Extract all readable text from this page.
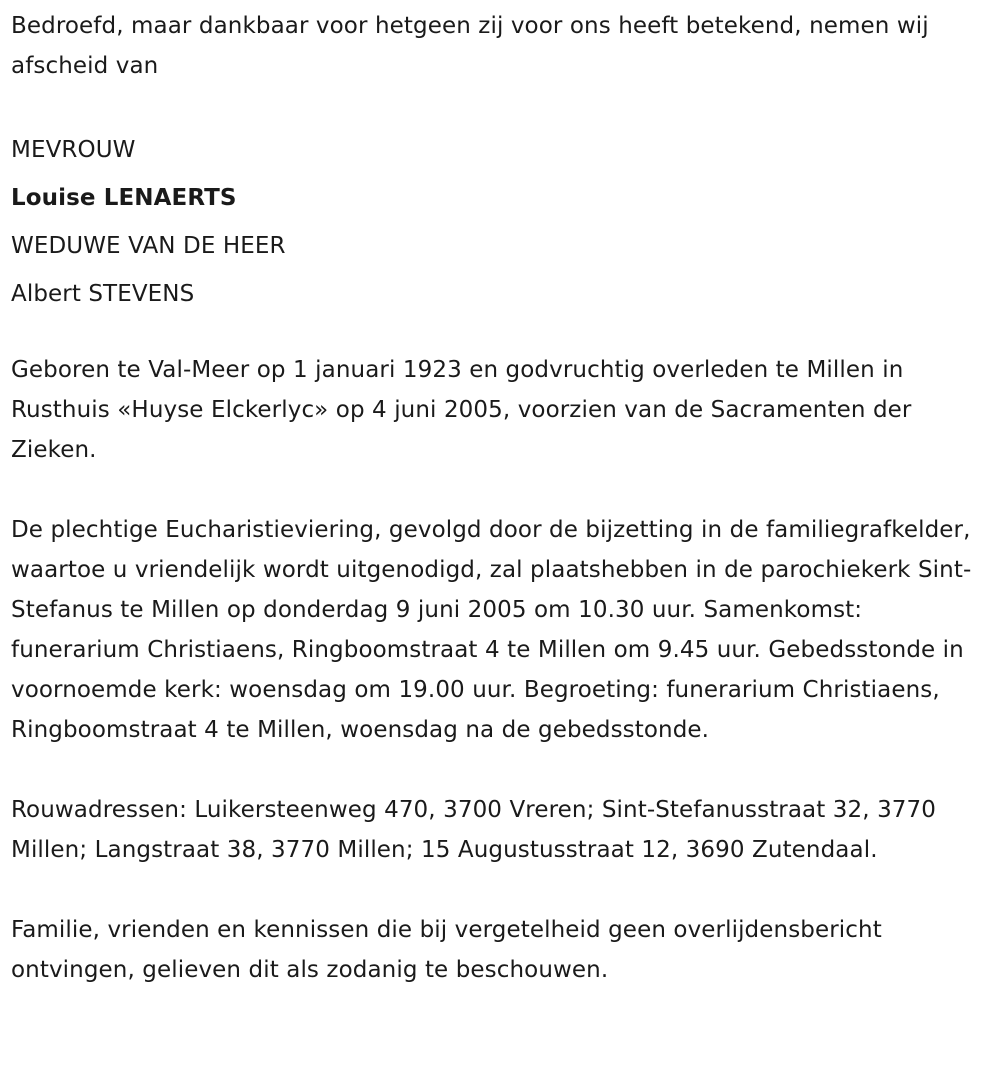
Bedroefd, maar dankbaar voor hetgeen zij voor ons heeft betekend, nemen wij afscheid van

MEVROUW

Louise LENAERTS

WEDUWE VAN DE HEER

Albert STEVENS

Geboren te Val-Meer op 1 januari 1923 en godvruchtig overleden te Millen in Rusthuis «Huyse Elckerlyc» op 4 juni 2005, voorzien van de Sacramenten der Zieken.

De plechtige Eucharistieviering, gevolgd door de bijzetting in de familiegrafkelder, waartoe u vriendelijk wordt uitgenodigd, zal plaatshebben in de parochiekerk Sint-Stefanus te Millen op donderdag 9 juni 2005 om 10.30 uur. Samenkomst: funerarium Christiaens, Ringboomstraat 4 te Millen om 9.45 uur. Gebedsstonde in voornoemde kerk: woensdag om 19.00 uur. Begroeting: funerarium Christiaens, Ringboomstraat 4 te Millen, woensdag na de gebedsstonde.

Rouwadressen: Luikersteenweg 470, 3700 Vreren; Sint-Stefanusstraat 32, 3770 Millen; Langstraat 38, 3770 Millen; 15 Augustusstraat 12, 3690 Zutendaal.

Familie, vrienden en kennissen die bij vergetelheid geen overlijdensbericht ontvingen, gelieven dit als zodanig te beschouwen.
